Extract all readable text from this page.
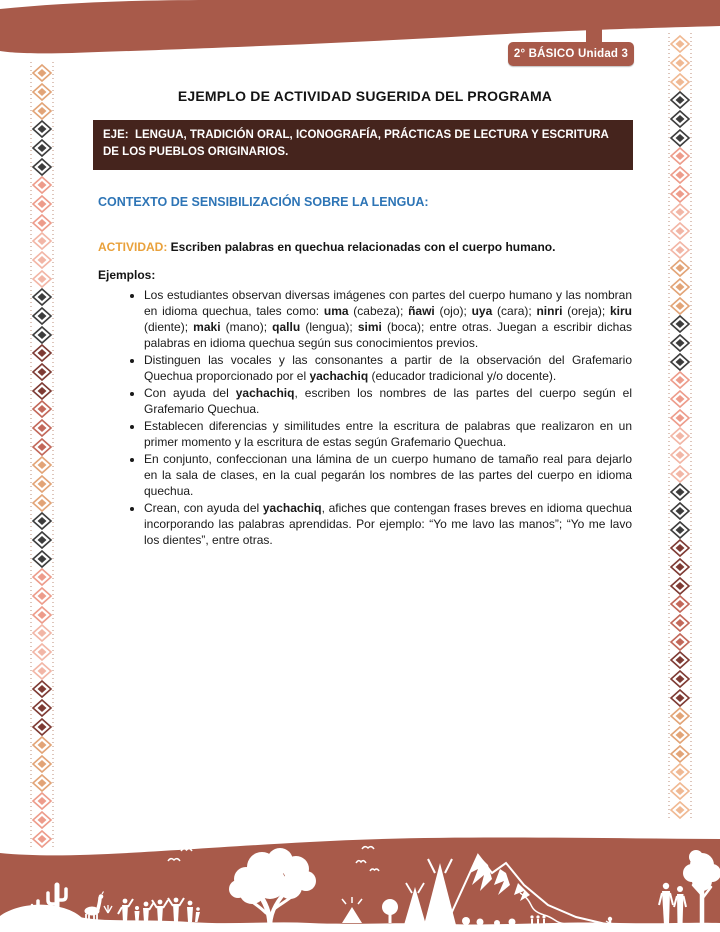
2° BÁSICO Unidad 3
EJEMPLO DE ACTIVIDAD SUGERIDA DEL PROGRAMA
EJE:  LENGUA, TRADICIÓN ORAL, ICONOGRAFÍA, PRÁCTICAS DE LECTURA Y ESCRITURA DE LOS PUEBLOS ORIGINARIOS.
CONTEXTO DE SENSIBILIZACIÓN SOBRE LA LENGUA:

ACTIVIDAD: Escriben palabras en quechua relacionadas con el cuerpo humano.

Ejemplos:

• Los estudiantes observan diversas imágenes con partes del cuerpo humano y las nombran en idioma quechua, tales como: uma (cabeza); ñawi (ojo); uya (cara); ninri (oreja); kiru (diente); maki (mano); qallu (lengua); simi (boca); entre otras. Juegan a escribir dichas palabras en idioma quechua según sus conocimientos previos.
• Distinguen las vocales y las consonantes a partir de la observación del Grafemario Quechua proporcionado por el yachachiq (educador tradicional y/o docente).
• Con ayuda del yachachiq, escriben los nombres de las partes del cuerpo según el Grafemario Quechua.
• Establecen diferencias y similitudes entre la escritura de palabras que realizaron en un primer momento y la escritura de estas según Grafemario Quechua.
• En conjunto, confeccionan una lámina de un cuerpo humano de tamaño real para dejarlo en la sala de clases, en la cual pegarán los nombres de las partes del cuerpo en idioma quechua.
• Crean, con ayuda del yachachiq, afiches que contengan frases breves en idioma quechua incorporando las palabras aprendidas. Por ejemplo: “Yo me lavo las manos”; “Yo me lavo los dientes”, entre otras.
